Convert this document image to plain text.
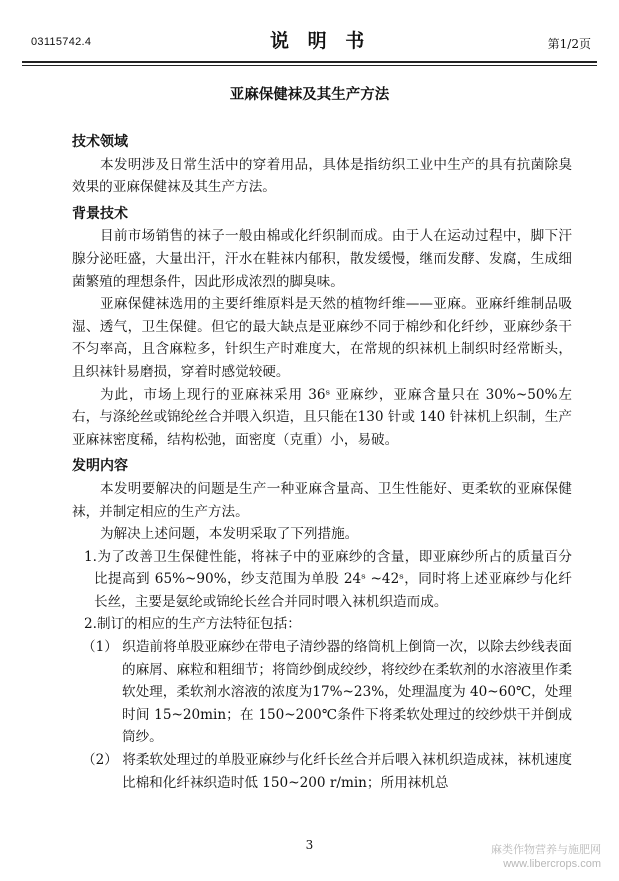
03115742.4	说 明 书	第1/2页
亚麻保健袜及其生产方法

技术领域

本发明涉及日常生活中的穿着用品，具体是指纺织工业中生产的具有抗菌除臭效果的亚麻保健袜及其生产方法。

背景技术

目前市场销售的袜子一般由棉或化纤织制而成。由于人在运动过程中，脚下汗腺分泌旺盛，大量出汗，汗水在鞋袜内郁积，散发缓慢，继而发酵、发腐，生成细菌繁殖的理想条件，因此形成浓烈的脚臭味。

亚麻保健袜选用的主要纤维原料是天然的植物纤维——亚麻。亚麻纤维制品吸湿、透气，卫生保健。但它的最大缺点是亚麻纱不同于棉纱和化纤纱，亚麻纱条干不匀率高，且含麻粒多，针织生产时难度大，在常规的织袜机上制织时经常断头，且织袜针易磨损，穿着时感觉较硬。

为此，市场上现行的亚麻袜采用 36ˢ 亚麻纱，亚麻含量只在 30%~50%左右，与涤纶丝或锦纶丝合并喂入织造，且只能在130 针或 140 针袜机上织制，生产亚麻袜密度稀，结构松弛，面密度（克重）小，易破。

发明内容

本发明要解决的问题是生产一种亚麻含量高、卫生性能好、更柔软的亚麻保健袜，并制定相应的生产方法。

为解决上述问题，本发明采取了下列措施。

1.为了改善卫生保健性能，将袜子中的亚麻纱的含量，即亚麻纱所占的质量百分比提高到 65%~90%，纱支范围为单股 24ˢ ~42ˢ，同时将上述亚麻纱与化纤长丝，主要是氨纶或锦纶长丝合并同时喂入袜机织造而成。

2.制订的相应的生产方法特征包括：

（1） 织造前将单股亚麻纱在带电子清纱器的络筒机上倒筒一次，以除去纱线表面的麻屑、麻粒和粗细节；将筒纱倒成绞纱，将绞纱在柔软剂的水溶液里作柔软处理，柔软剂水溶液的浓度为17%~23%，处理温度为 40~60℃，处理时间 15~20min；在 150~200℃条件下将柔软处理过的绞纱烘干并倒成筒纱。

（2） 将柔软处理过的单股亚麻纱与化纤长丝合并后喂入袜机织造成袜，袜机速度比棉和化纤袜织造时低 150~200 r/min；所用袜机总

3	麻类作物营养与施肥网
www.libercrops.com
